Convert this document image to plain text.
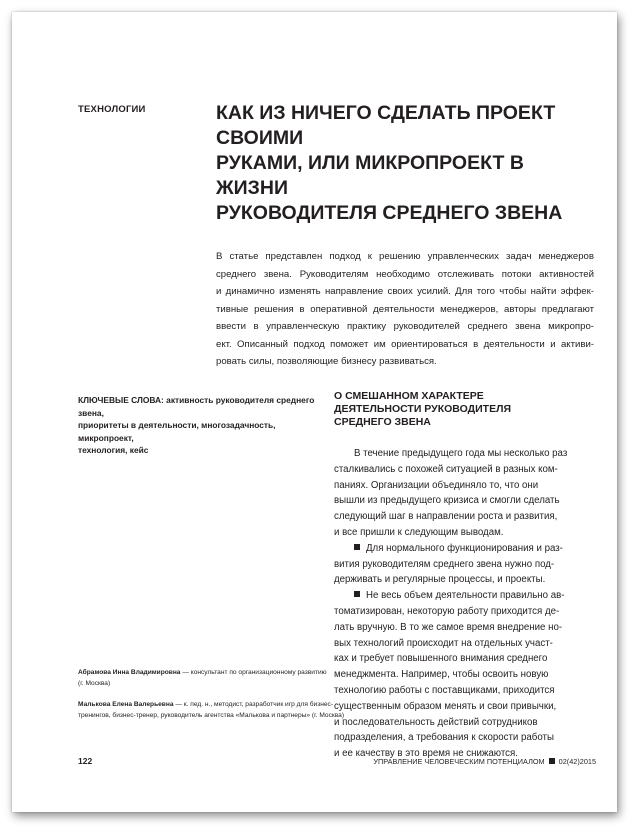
ТЕХНОЛОГИИ	КАК ИЗ НИЧЕГО СДЕЛАТЬ ПРОЕКТ СВОИМИ
РУКАМИ, ИЛИ МИКРОПРОЕКТ В ЖИЗНИ
РУКОВОДИТЕЛЯ СРЕДНЕГО ЗВЕНА

В статье представлен подход к решению управленческих задач менеджеров
среднего звена. Руководителям необходимо отслеживать потоки активностей
и динамично изменять направление своих усилий. Для того чтобы найти эффек-
тивные решения в оперативной деятельности менеджеров, авторы предлагают
ввести в управленческую практику руководителей среднего звена микропро-
ект. Описанный подход поможет им ориентироваться в деятельности и активи-
ровать силы, позволяющие бизнесу развиваться.

КЛЮЧЕВЫЕ СЛОВА: активность руководителя среднего звена,
приоритеты в деятельности, многозадачность, микропроект,
технология, кейс

О СМЕШАННОМ ХАРАКТЕРЕ
ДЕЯТЕЛЬНОСТИ РУКОВОДИТЕЛЯ
СРЕДНЕГО ЗВЕНА
В течение предыдущего года мы несколько раз
сталкивались с похожей ситуацией в разных ком-
паниях. Организации объединяло то, что они
вышли из предыдущего кризиса и смогли сделать
следующий шаг в направлении роста и развития,
и все пришли к следующим выводам.
Для нормального функционирования и раз-
вития руководителям среднего звена нужно под-
держивать и регулярные процессы, и проекты.
Не весь объем деятельности правильно ав-
томатизирован, некоторую работу приходится де-
лать вручную. В то же самое время внедрение но-
вых технологий происходит на отдельных участ-
ках и требует повышенного внимания среднего
менеджмента. Например, чтобы освоить новую
технологию работы с поставщиками, приходится
существенным образом менять и свои привычки,
и последовательность действий сотрудников
подразделения, а требования к скорости работы
и ее качеству в это время не снижаются.

Абрамова Инна Владимировна — консультант по организационному развитию
(г. Москва)

Малькова Елена Валерьевна — к. пед. н., методист, разработчик игр для бизнес-
тренингов, бизнес-тренер, руководитель агентства «Малькова и партнеры» (г. Москва)

122	УПРАВЛЕНИЕ ЧЕЛОВЕЧЕСКИМ ПОТЕНЦИАЛОМ 02(42)2015
